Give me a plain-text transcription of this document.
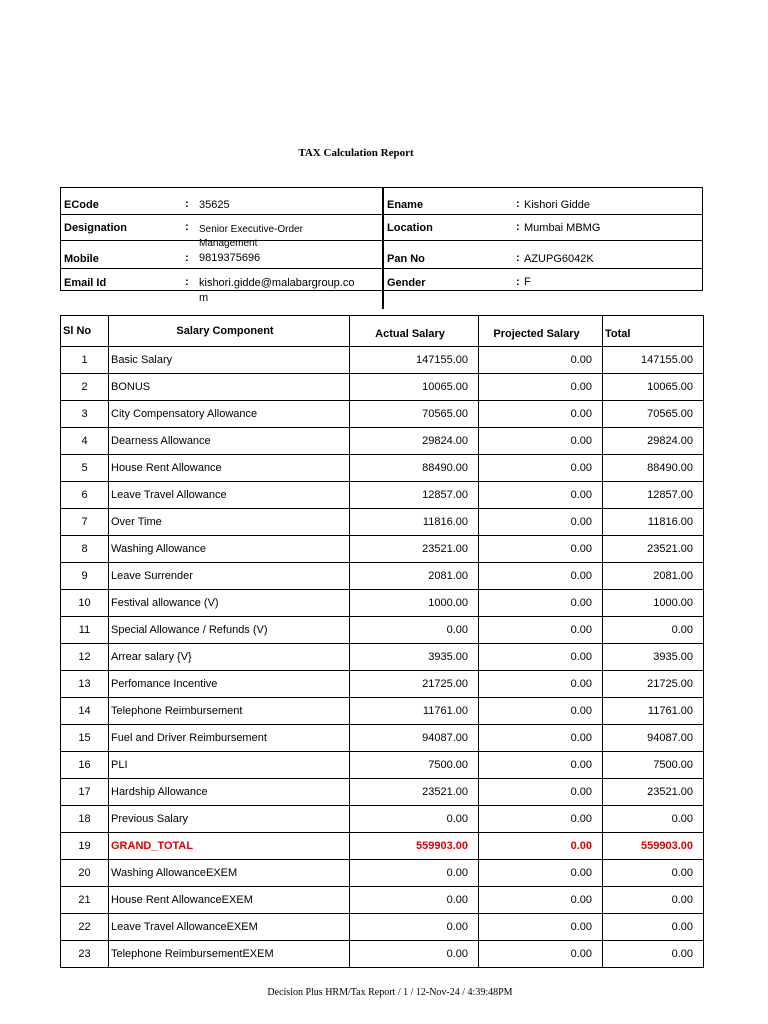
TAX Calculation Report
ECode	: 35625
Designation	: Senior Executive-Order
Management
Mobile	: 9819375696
Email Id	: kishori.gidde@malabargroup.com
Ename	: Kishori Gidde
Location	: Mumbai MBMG
Pan No	: AZUPG6042K
Gender	: F
Sl No	Salary Component	Actual Salary	Projected Salary	Total
1	Basic Salary	147155.00	0.00	147155.00
2	BONUS	10065.00	0.00	10065.00
3	City Compensatory Allowance	70565.00	0.00	70565.00
4	Dearness Allowance	29824.00	0.00	29824.00
5	House Rent Allowance	88490.00	0.00	88490.00
6	Leave Travel Allowance	12857.00	0.00	12857.00
7	Over Time	11816.00	0.00	11816.00
8	Washing Allowance	23521.00	0.00	23521.00
9	Leave Surrender	2081.00	0.00	2081.00
10	Festival allowance (V)	1000.00	0.00	1000.00
11	Special Allowance / Refunds (V)	0.00	0.00	0.00
12	Arrear salary {V}	3935.00	0.00	3935.00
13	Perfomance Incentive	21725.00	0.00	21725.00
14	Telephone Reimbursement	11761.00	0.00	11761.00
15	Fuel and Driver Reimbursement	94087.00	0.00	94087.00
16	PLI	7500.00	0.00	7500.00
17	Hardship Allowance	23521.00	0.00	23521.00
18	Previous Salary	0.00	0.00	0.00
19	GRAND_TOTAL	559903.00	0.00	559903.00
20	Washing AllowanceEXEM	0.00	0.00	0.00
21	House Rent AllowanceEXEM	0.00	0.00	0.00
22	Leave Travel AllowanceEXEM	0.00	0.00	0.00
23	Telephone ReimbursementEXEM	0.00	0.00	0.00
Decision Plus HRM/Tax Report / 1 / 12-Nov-24 / 4:39:48PM
